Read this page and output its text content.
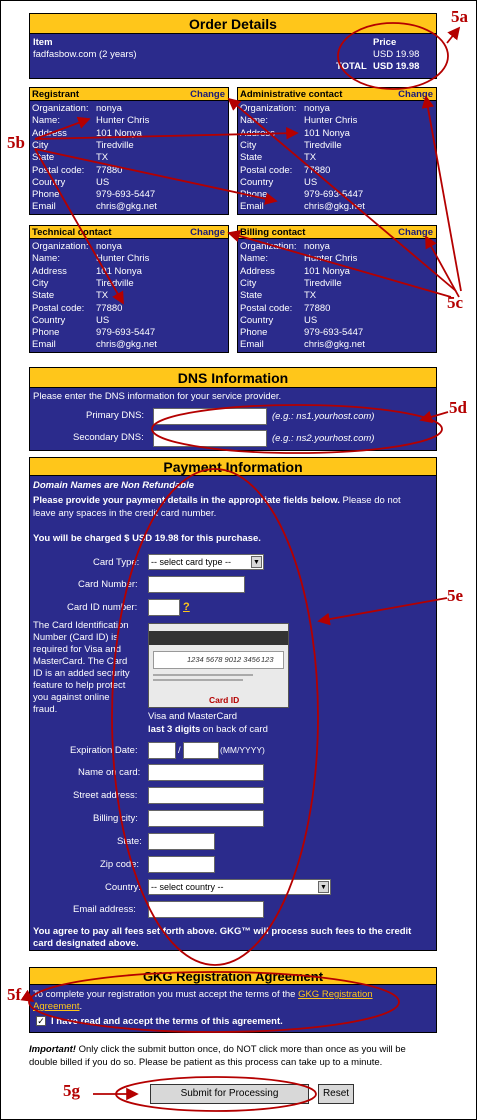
Order Details
Item	Price
fadfasbow.com (2 years)	USD 19.98
TOTAL USD 19.98
Registrant	Change
Organization: nonya
Name:	Hunter Chris
Address	101 Nonya
City	Tiredville
State	TX
Postal code: 77880
Country	US
Phone	979-693-5447
Email	chris@gkg.net
Administrative contact	Change
Organization: nonya
Name:	Hunter Chris
Address	101 Nonya
City	Tiredville
State	TX
Postal code: 77880
Country	US
Phone	979-693-5447
Email	chris@gkg.net
Technical contact	Change
Organization: nonya
Name:	Hunter Chris
Address	101 Nonya
City	Tiredville
State	TX
Postal code: 77880
Country	US
Phone	979-693-5447
Email	chris@gkg.net
Billing contact	Change
Organization: nonya
Name:	Hunter Chris
Address	101 Nonya
City	Tiredville
State	TX
Postal code: 77880
Country	US
Phone	979-693-5447
Email	chris@gkg.net
DNS Information
Please enter the DNS information for your service provider.
Primary DNS:	(e.g.: ns1.yourhost.com)
Secondary DNS:	(e.g.: ns2.yourhost.com)
Payment Information
Domain Names are Non Refundable
Please provide your payment details in the appropriate fields below. Please do not
leave any spaces in the credit card number.
You will be charged $ USD 19.98 for this purchase.
Card Type:	-- select card type --	▼
Card Number:
Card ID number:	?
The Card Identification
Number (Card ID) is
required for Visa and
MasterCard. The Card
ID is an added security
feature to help protect
you against online
fraud.
1234 5678 9012 3456 123
Card ID
Visa and MasterCard
last 3 digits on back of card
Expiration Date:	/	(MM/YYYY)
Name on card:
Street address:
Billing city:
State:
Zip code:
Country:	-- select country --	▼
Email address:
You agree to pay all fees set forth above. GKG™ will process such fees to the credit
card designated above.
GKG Registration Agreement
To complete your registration you must accept the terms of the GKG Registration
Agreement.
✓ I have read and accept the terms of this agreement.
Important! Only click the submit button once, do NOT click more than once as you will be
double billed if you do so. Please be patient as this process can take up to a minute.
Submit for Processing	Reset
5a
5b
5c
5d
5e
5f
5g
